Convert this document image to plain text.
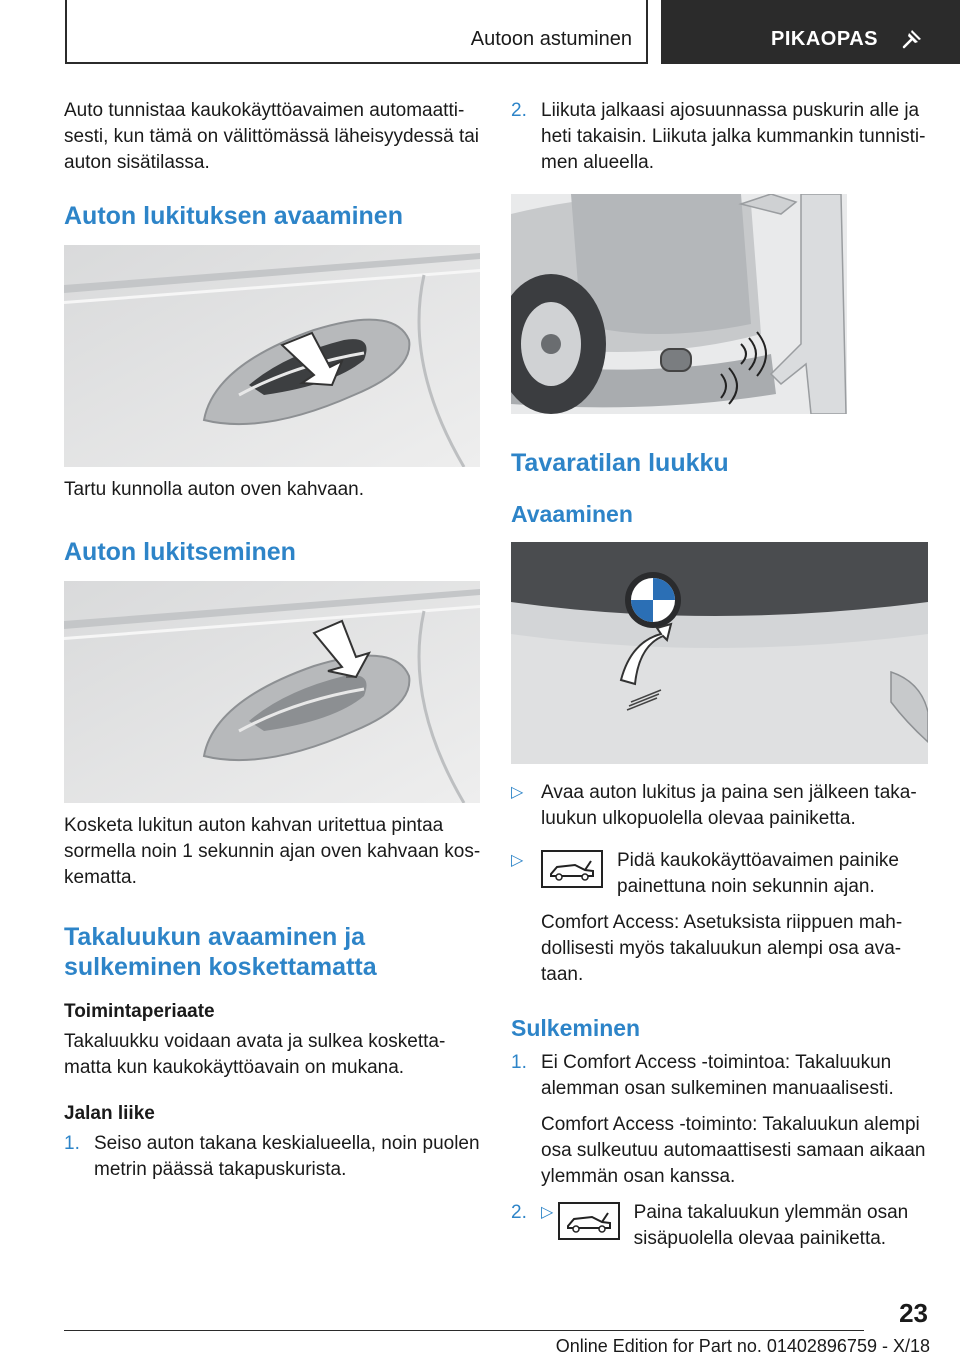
Autoon astuminen	PIKAOPAS

Auto tunnistaa kaukokäyttöavaimen automaattisesti, kun tämä on välittömässä läheisyydessä tai auton sisätilassa.

Auton lukituksen avaaminen

Tartu kunnolla auton oven kahvaan.

Auton lukitseminen

Kosketa lukitun auton kahvan uritettua pintaa sormella noin 1 sekunnin ajan oven kahvaan koskematta.

Takaluukun avaaminen ja sulkeminen koskettamatta
Toimintaperiaate

Takaluukku voidaan avata ja sulkea koskettamatta kun kaukokäyttöavain on mukana.

Jalan liike
1. Seiso auton takana keskialueella, noin puolen metrin päässä takapuskurista.
2. Liikuta jalkaasi ajosuunnassa puskurin alle ja heti takaisin. Liikuta jalka kummankin tunnistimen alueella.
Tavaratilan luukku
Avaaminen
▷ Avaa auton lukitus ja paina sen jälkeen takaluukun ulkopuolella olevaa painiketta.
▷	Pidä kaukokäyttöavaimen painike painettuna noin sekunnin ajan.

Comfort Access: Asetuksista riippuen mahdollisesti myös takaluukun alempi osa avataan.

Sulkeminen
1. Ei Comfort Access -toimintoa: Takaluukun alemman osan sulkeminen manuaalisesti.

Comfort Access -toiminto: Takaluukun alempi osa sulkeutuu automaattisesti samaan aikaan ylemmän osan kanssa.

2. ▷	Paina takaluukun ylemmän osan sisäpuolella olevaa painiketta.
23
Online Edition for Part no. 01402896759 - X/18
